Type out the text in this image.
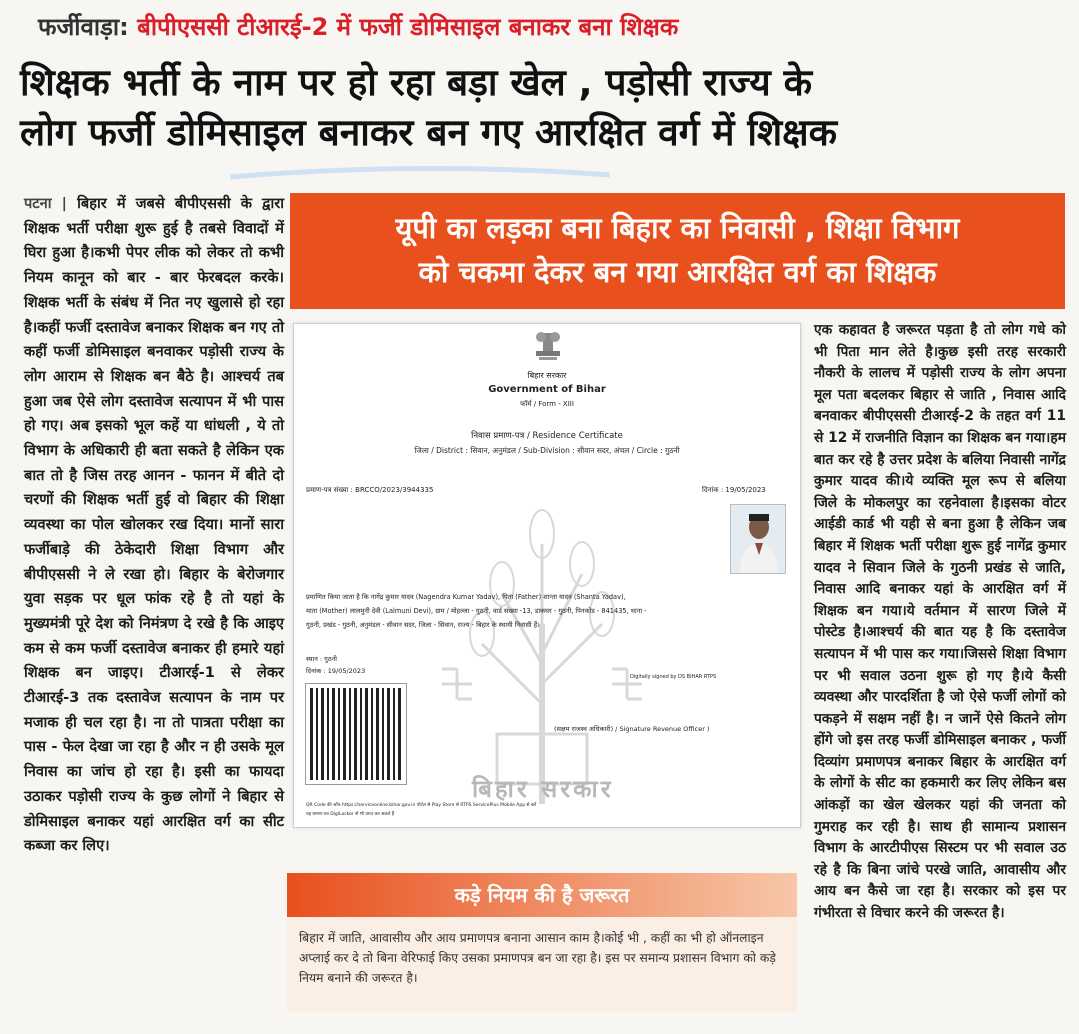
फर्जीवाड़ा: बीपीएससी टीआरई-2 में फर्जी डोमिसाइल बनाकर बना शिक्षक
शिक्षक भर्ती के नाम पर हो रहा बड़ा खेल , पड़ोसी राज्य के
लोग फर्जी डोमिसाइल बनाकर बन गए आरक्षित वर्ग में शिक्षक
पटना | बिहार में जबसे बीपीएससी के द्वारा शिक्षक भर्ती परीक्षा शुरू हुई है तबसे विवादों में घिरा हुआ है।कभी पेपर लीक को लेकर तो कभी नियम कानून को बार - बार फेरबदल करके। शिक्षक भर्ती के संबंध में नित नए खुलासे हो रहा है।कहीं फर्जी दस्तावेज बनाकर शिक्षक बन गए तो कहीं फर्जी डोमिसाइल बनवाकर पड़ोसी राज्य के लोग आराम से शिक्षक बन बैठे है। आश्चर्य तब हुआ जब ऐसे लोग दस्तावेज सत्यापन में भी पास हो गए। अब इसको भूल कहें या धांधली , ये तो विभाग के अधिकारी ही बता सकते है लेकिन एक बात तो है जिस तरह आनन - फानन में बीते दो चरणों की शिक्षक भर्ती हुई वो बिहार की शिक्षा व्यवस्था का पोल खोलकर रख दिया। मानों सारा फर्जीबाड़े की ठेकेदारी शिक्षा विभाग और बीपीएससी ने ले रखा हो। बिहार के बेरोजगार युवा सड़क पर धूल फांक रहे है तो यहां के मुख्यमंत्री पूरे देश को निमंत्रण दे रखे है कि आइए कम से कम फर्जी दस्तावेज बनाकर ही हमारे यहां शिक्षक बन जाइए। टीआरई-1 से लेकर टीआरई-3 तक दस्तावेज सत्यापन के नाम पर मजाक ही चल रहा है। ना तो पात्रता परीक्षा का पास - फेल देखा जा रहा है और न ही उसके मूल निवास का जांच हो रहा है। इसी का फायदा उठाकर पड़ोसी राज्य के कुछ लोगों ने बिहार से डोमिसाइल बनाकर यहां आरक्षित वर्ग का सीट कब्जा कर लिए।
यूपी का लड़का बना बिहार का निवासी , शिक्षा विभाग
को चकमा देकर बन गया आरक्षित वर्ग का शिक्षक
बिहार सरकार
Government of Bihar
फॉर्म / Form - XIII
निवास प्रमाण-पत्र / Residence Certificate
जिला / District : सिवान, अनुमंडल / Sub-Division : सीवान सदर, अंचल / Circle : गुठनी
प्रमाण-पत्र संख्या : BRCCO/2023/3944335	दिनांक : 19/05/2023
प्रमाणित किया जाता है कि नागेंद्र कुमार यादव (Nagendra Kumar Yadav), पिता (Father) शान्ता यादव (Shanta Yadav),
माता (Mother) लालमुनी देवी (Lalmuni Devi), ग्राम / मोहल्ला - गुठनी, वार्ड संख्या -13, डाकघर - गुठनी, पिनकोड - 841435, थाना -
गुठनी, प्रखंड - गुठनी, अनुमंडल - सीवान सदर, जिला - सिवान, राज्य - बिहार के स्थायी निवासी हैं।
स्थान : गुठनी
दिनांक : 19/05/2023
Digitally signed by DS BIHAR RTPS
(सक्षम राजस्व अधिकारी) / Signature Revenue Officer )
बिहार सरकार
QR Code की जाँच https://serviceonline.bihar.gov.in पोर्टल से Play Store से RTPS ServicePlus Mobile App से करें
यह प्रमाण-पत्र DigiLocker से भी प्राप्त कर सकते हैं
एक कहावत है जरूरत पड़ता है तो लोग गधे को भी पिता मान लेते है।कुछ इसी तरह सरकारी नौकरी के लालच में पड़ोसी राज्य के लोग अपना मूल पता बदलकर बिहार से जाति , निवास आदि बनवाकर बीपीएससी टीआरई-2 के तहत वर्ग 11 से 12 में राजनीति विज्ञान का शिक्षक बन गया।हम बात कर रहे है उत्तर प्रदेश के बलिया निवासी नागेंद्र कुमार यादव की।ये व्यक्ति मूल रूप से बलिया जिले के मोकलपुर का रहनेवाला है।इसका वोटर आईडी कार्ड भी यही से बना हुआ है लेकिन जब बिहार में शिक्षक भर्ती परीक्षा शुरू हुई नागेंद्र कुमार यादव ने सिवान जिले के गुठनी प्रखंड से जाति, निवास आदि बनाकर यहां के आरक्षित वर्ग में शिक्षक बन गया।ये वर्तमान में सारण जिले में पोस्टेड है।आश्चर्य की बात यह है कि दस्तावेज सत्यापन में भी पास कर गया।जिससे शिक्षा विभाग पर भी सवाल उठना शुरू हो गए है।ये कैसी व्यवस्था और पारदर्शिता है जो ऐसे फर्जी लोगों को पकड़ने में सक्षम नहीं है। न जानें ऐसे कितने लोग होंगे जो इस तरह फर्जी डोमिसाइल बनाकर , फर्जी दिव्यांग प्रमाणपत्र बनाकर बिहार के आरक्षित वर्ग के लोगों के सीट का हकमारी कर लिए लेकिन बस आंकड़ों का खेल खेलकर यहां की जनता को गुमराह कर रही है। साथ ही सामान्य प्रशासन विभाग के आरटीपीएस सिस्टम पर भी सवाल उठ रहे है कि बिना जांचे परखे जाति, आवासीय और आय बन कैसे जा रहा है। सरकार को इस पर गंभीरता से विचार करने की जरूरत है।
कड़े नियम की है जरूरत
बिहार में जाति, आवासीय और आय प्रमाणपत्र बनाना आसान काम है।कोई भी , कहीं का भी हो ऑनलाइन अप्लाई कर दे तो बिना वेरिफाई किए उसका प्रमाणपत्र बन जा रहा है। इस पर समान्य प्रशासन विभाग को कड़े नियम बनाने की जरूरत है।
